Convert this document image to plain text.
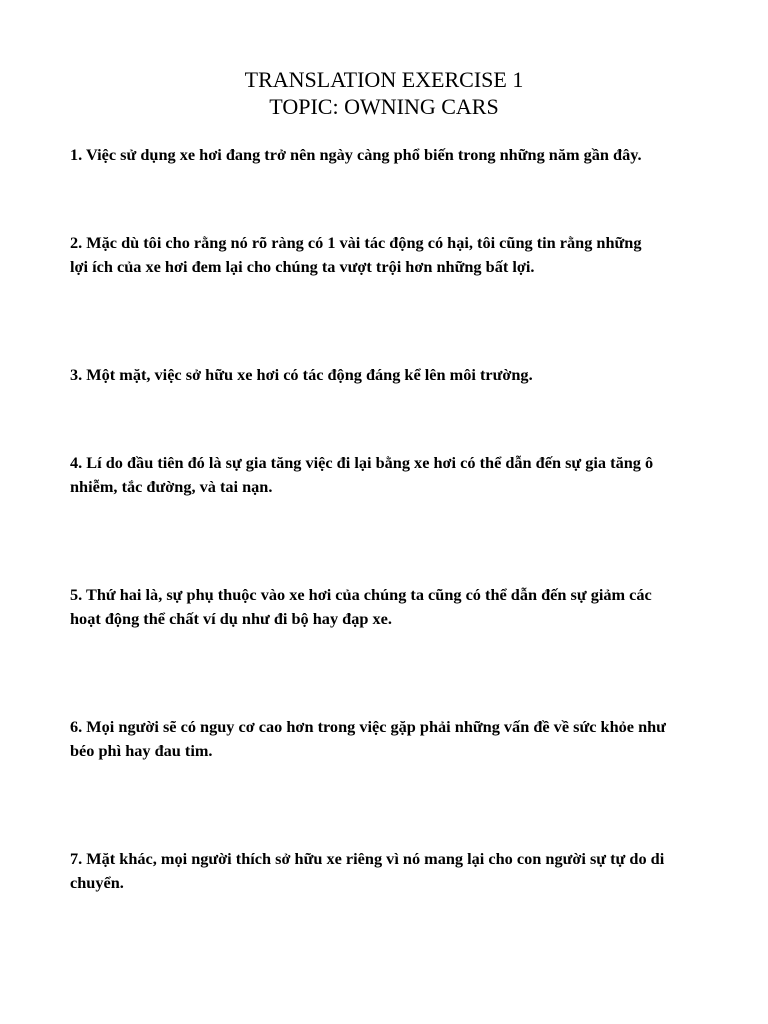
TRANSLATION EXERCISE 1
TOPIC: OWNING CARS

1. Việc sử dụng xe hơi đang trở nên ngày càng phổ biến trong những năm gần đây.

2. Mặc dù tôi cho rằng nó rõ ràng có 1 vài tác động có hại, tôi cũng tin rằng những
lợi ích của xe hơi đem lại cho chúng ta vượt trội hơn những bất lợi.

3. Một mặt, việc sở hữu xe hơi có tác động đáng kể lên môi trường.

4. Lí do đầu tiên đó là sự gia tăng việc đi lại bằng xe hơi có thể dẫn đến sự gia tăng ô
nhiễm, tắc đường, và tai nạn.

5. Thứ hai là, sự phụ thuộc vào xe hơi của chúng ta cũng có thể dẫn đến sự giảm các
hoạt động thể chất ví dụ như đi bộ hay đạp xe.

6. Mọi người sẽ có nguy cơ cao hơn trong việc gặp phải những vấn đề về sức khỏe như
béo phì hay đau tim.

7. Mặt khác, mọi người thích sở hữu xe riêng vì nó mang lại cho con người sự tự do di
chuyển.
